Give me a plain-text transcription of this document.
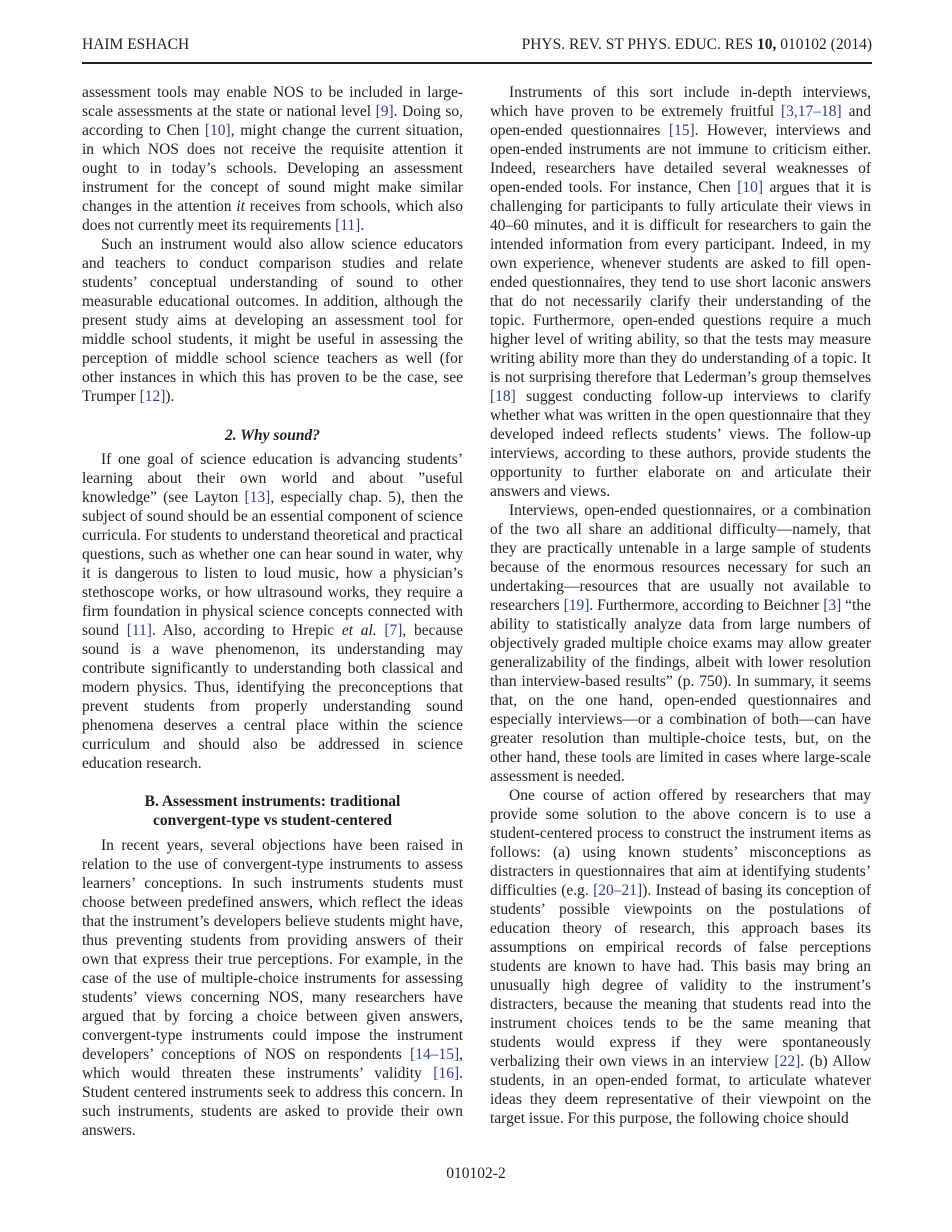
HAIM ESHACH	PHYS. REV. ST PHYS. EDUC. RES 10, 010102 (2014)

assessment tools may enable NOS to be included in large-scale assessments at the state or national level [9]. Doing so, according to Chen [10], might change the current situation, in which NOS does not receive the requisite attention it ought to in today’s schools. Developing an assessment instrument for the concept of sound might make similar changes in the attention it receives from schools, which also does not currently meet its requirements [11].

Such an instrument would also allow science educators and teachers to conduct comparison studies and relate students’ conceptual understanding of sound to other measurable educational outcomes. In addition, although the present study aims at developing an assessment tool for middle school students, it might be useful in assessing the perception of middle school science teachers as well (for other instances in which this has proven to be the case, see Trumper [12]).

2. Why sound?

If one goal of science education is advancing students’ learning about their own world and about ”useful knowledge” (see Layton [13], especially chap. 5), then the subject of sound should be an essential component of science curricula. For students to understand theoretical and practical questions, such as whether one can hear sound in water, why it is dangerous to listen to loud music, how a physician’s stethoscope works, or how ultrasound works, they require a firm foundation in physical science concepts connected with sound [11]. Also, according to Hrepic et al. [7], because sound is a wave phenomenon, its understanding may contribute significantly to understanding both classical and modern physics. Thus, identifying the preconceptions that prevent students from properly understanding sound phenomena deserves a central place within the science curriculum and should also be addressed in science education research.

B. Assessment instruments: traditional
convergent-type vs student-centered

In recent years, several objections have been raised in relation to the use of convergent-type instruments to assess learners’ conceptions. In such instruments students must choose between predefined answers, which reflect the ideas that the instrument’s developers believe students might have, thus preventing students from providing answers of their own that express their true perceptions. For example, in the case of the use of multiple-choice instruments for assessing students’ views concerning NOS, many researchers have argued that by forcing a choice between given answers, convergent-type instruments could impose the instrument developers’ conceptions of NOS on respondents [14–15], which would threaten these instruments’ validity [16]. Student centered instruments seek to address this concern. In such instruments, students are asked to provide their own answers.

Instruments of this sort include in-depth interviews, which have proven to be extremely fruitful [3,17–18] and open-ended questionnaires [15]. However, interviews and open-ended instruments are not immune to criticism either. Indeed, researchers have detailed several weaknesses of open-ended tools. For instance, Chen [10] argues that it is challenging for participants to fully articulate their views in 40–60 minutes, and it is difficult for researchers to gain the intended information from every participant. Indeed, in my own experience, whenever students are asked to fill open-ended questionnaires, they tend to use short laconic answers that do not necessarily clarify their understanding of the topic. Furthermore, open-ended questions require a much higher level of writing ability, so that the tests may measure writing ability more than they do understanding of a topic. It is not surprising therefore that Lederman’s group themselves [18] suggest conducting follow-up interviews to clarify whether what was written in the open questionnaire that they developed indeed reflects students’ views. The follow-up interviews, according to these authors, provide students the opportunity to further elaborate on and articulate their answers and views.

Interviews, open-ended questionnaires, or a combination of the two all share an additional difficulty—namely, that they are practically untenable in a large sample of students because of the enormous resources necessary for such an undertaking—resources that are usually not available to researchers [19]. Furthermore, according to Beichner [3] “the ability to statistically analyze data from large numbers of objectively graded multiple choice exams may allow greater generalizability of the findings, albeit with lower resolution than interview-based results” (p. 750). In summary, it seems that, on the one hand, open-ended questionnaires and especially interviews—or a combination of both—can have greater resolution than multiple-choice tests, but, on the other hand, these tools are limited in cases where large-scale assessment is needed.

One course of action offered by researchers that may provide some solution to the above concern is to use a student-centered process to construct the instrument items as follows: (a) using known students’ misconceptions as distracters in questionnaires that aim at identifying students’ difficulties (e.g. [20–21]). Instead of basing its conception of students’ possible viewpoints on the postulations of education theory of research, this approach bases its assumptions on empirical records of false perceptions students are known to have had. This basis may bring an unusually high degree of validity to the instrument’s distracters, because the meaning that students read into the instrument choices tends to be the same meaning that students would express if they were spontaneously verbalizing their own views in an interview [22]. (b) Allow students, in an open-ended format, to articulate whatever ideas they deem representative of their viewpoint on the target issue. For this purpose, the following choice should

010102-2
